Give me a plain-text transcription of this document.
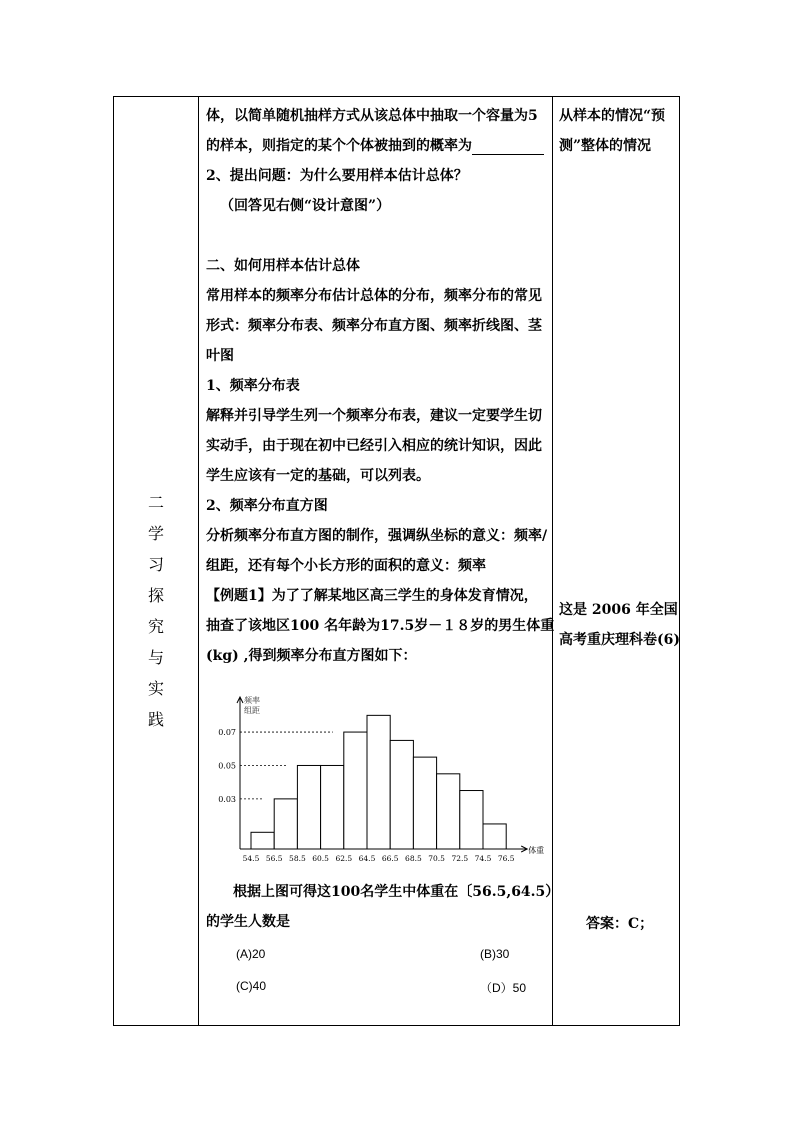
二
学
习
探
究
与
实
践
体，以简单随机抽样方式从该总体中抽取一个容量为5
的样本，则指定的某个个体被抽到的概率为
2、提出问题：为什么要用样本估计总体？
（回答见右侧“设计意图”）
二、如何用样本估计总体
常用样本的频率分布估计总体的分布，频率分布的常见
形式：频率分布表、频率分布直方图、频率折线图、茎
叶图
1、频率分布表
解释并引导学生列一个频率分布表，建议一定要学生切
实动手，由于现在初中已经引入相应的统计知识，因此
学生应该有一定的基础，可以列表。
2、频率分布直方图
分析频率分布直方图的制作，强调纵坐标的意义：频率/
组距，还有每个小长方形的面积的意义：频率
【例题1】为了了解某地区高三学生的身体发育情况，
抽查了该地区100 名年龄为17.5岁－１８岁的男生体重
(kg) ,得到频率分布直方图如下：
频率
组距
0.07
0.05
0.03
54.5 56.5 58.5 60.5 62.5 64.5 66.5 68.5 70.5 72.5 74.5 76.5
体重
根据上图可得这100名学生中体重在〔56.5,64.5）
的学生人数是
(A)20	(B)30
(C)40	（D）50
从样本的情况“预
测”整体的情况
这是 2006 年全国
高考重庆理科卷(6)
答案：C；
